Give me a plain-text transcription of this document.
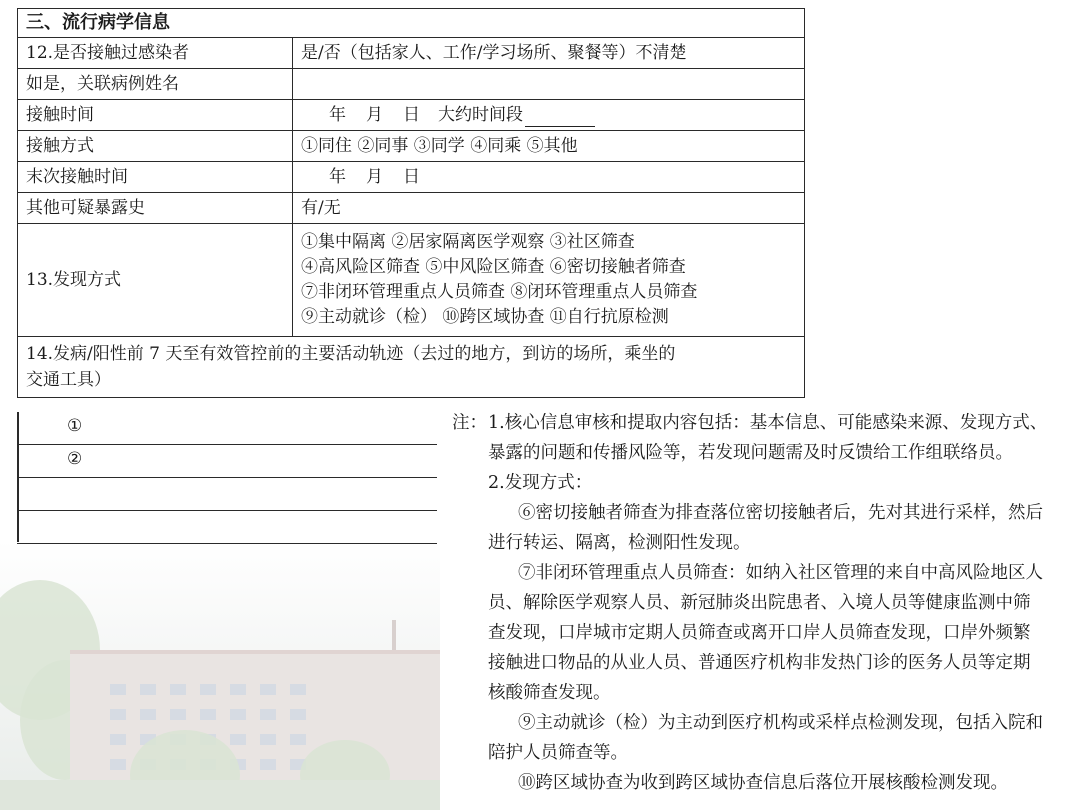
三、流行病学信息	
12.是否接触过感染者	是/否（包括家人、工作/学习场所、聚餐等）不清楚
如是，关联病例姓名	
接触时间	年 月 日 大约时间段
接触方式	①同住 ②同事 ③同学 ④同乘 ⑤其他
末次接触时间	年 月 日
其他可疑暴露史	有/无
13.发现方式	①集中隔离 ②居家隔离医学观察 ③社区筛查
④高风险区筛查 ⑤中风险区筛查 ⑥密切接触者筛查
⑦非闭环管理重点人员筛查 ⑧闭环管理重点人员筛查
⑨主动就诊（检） ⑩跨区域协查 ⑪自行抗原检测

14.发病/阳性前 7 天至有效管控前的主要活动轨迹（去过的地方，到访的场所，乘坐的
交通工具）	
①
②
注： 1.核心信息审核和提取内容包括：基本信息、可能感染来源、发现方式、
暴露的问题和传播风险等，若发现问题需及时反馈给工作组联络员。
2.发现方式：
⑥密切接触者筛查为排查落位密切接触者后，先对其进行采样，然后
进行转运、隔离，检测阳性发现。
⑦非闭环管理重点人员筛查：如纳入社区管理的来自中高风险地区人
员、解除医学观察人员、新冠肺炎出院患者、入境人员等健康监测中筛
查发现，口岸城市定期人员筛查或离开口岸人员筛查发现，口岸外频繁
接触进口物品的从业人员、普通医疗机构非发热门诊的医务人员等定期
核酸筛查发现。
⑨主动就诊（检）为主动到医疗机构或采样点检测发现，包括入院和
陪护人员筛查等。
⑩跨区域协查为收到跨区域协查信息后落位开展核酸检测发现。
